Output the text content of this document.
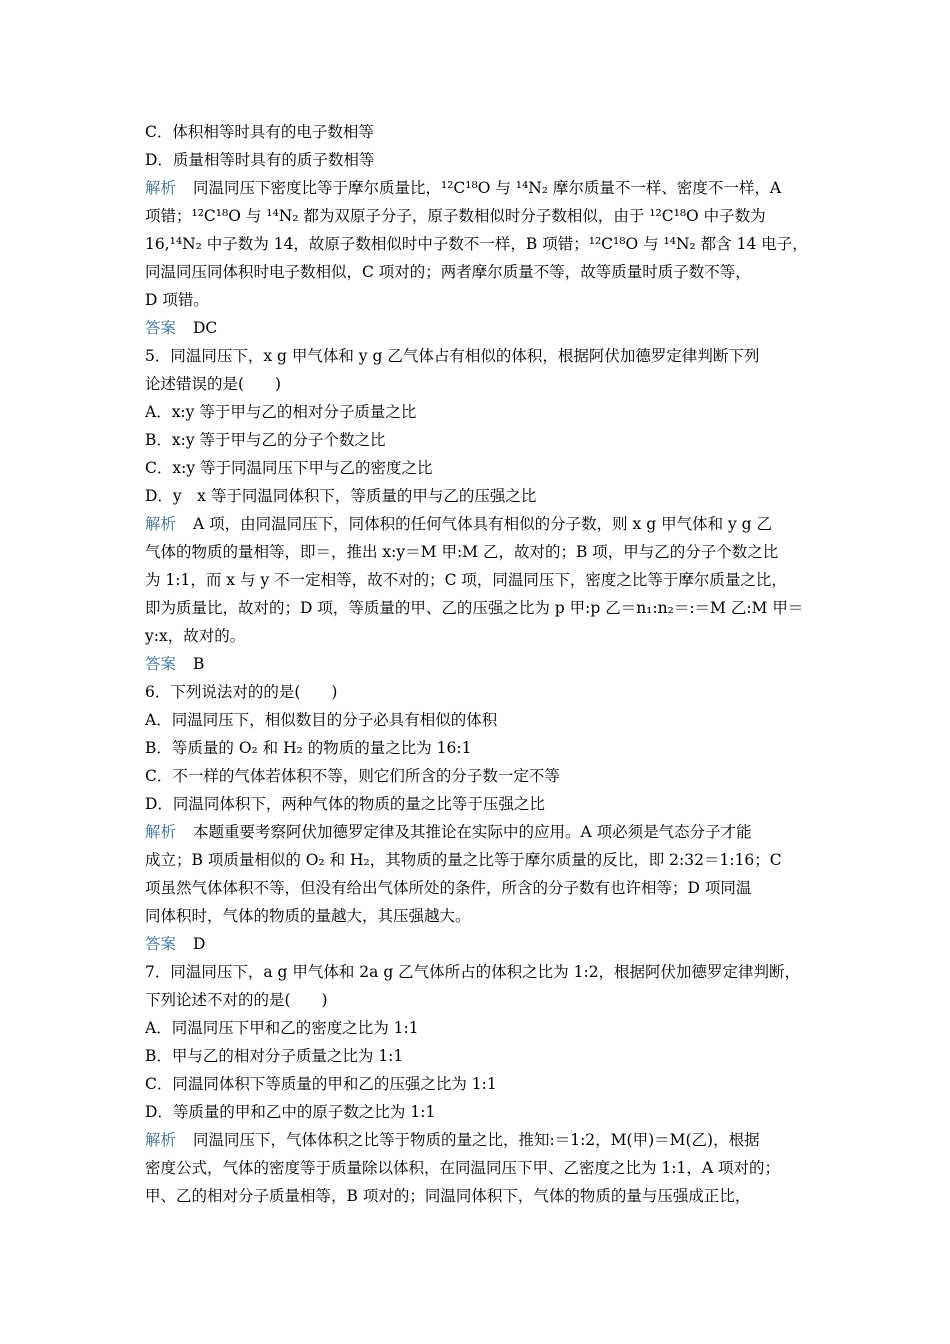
C．体积相等时具有的电子数相等
D．质量相等时具有的质子数相等
解析 同温同压下密度比等于摩尔质量比，¹²C¹⁸O 与 ¹⁴N₂ 摩尔质量不一样、密度不一样，A
项错；¹²C¹⁸O 与 ¹⁴N₂ 都为双原子分子，原子数相似时分子数相似，由于 ¹²C¹⁸O 中子数为
16,¹⁴N₂ 中子数为 14，故原子数相似时中子数不一样，B 项错；¹²C¹⁸O 与 ¹⁴N₂ 都含 14 电子，
同温同压同体积时电子数相似，C 项对的；两者摩尔质量不等，故等质量时质子数不等，
D 项错。
答案 DC
5．同温同压下，x g 甲气体和 y g 乙气体占有相似的体积，根据阿伏加德罗定律判断下列
论述错误的是(　　)
A．x:y 等于甲与乙的相对分子质量之比
B．x:y 等于甲与乙的分子个数之比
C．x:y 等于同温同压下甲与乙的密度之比
D．y　x 等于同温同体积下，等质量的甲与乙的压强之比
解析 A 项，由同温同压下，同体积的任何气体具有相似的分子数，则 x g 甲气体和 y g 乙
气体的物质的量相等，即＝，推出 x:y＝M 甲:M 乙，故对的；B 项，甲与乙的分子个数之比
为 1:1，而 x 与 y 不一定相等，故不对的；C 项，同温同压下，密度之比等于摩尔质量之比，
即为质量比，故对的；D 项，等质量的甲、乙的压强之比为 p 甲:p 乙＝n₁:n₂＝:＝M 乙:M 甲＝
y:x，故对的。
答案 B
6．下列说法对的的是(　　)
A．同温同压下，相似数目的分子必具有相似的体积
B．等质量的 O₂ 和 H₂ 的物质的量之比为 16:1
C．不一样的气体若体积不等，则它们所含的分子数一定不等
D．同温同体积下，两种气体的物质的量之比等于压强之比
解析 本题重要考察阿伏加德罗定律及其推论在实际中的应用。A 项必须是气态分子才能
成立；B 项质量相似的 O₂ 和 H₂，其物质的量之比等于摩尔质量的反比，即 2:32＝1:16；C
项虽然气体体积不等，但没有给出气体所处的条件，所含的分子数有也许相等；D 项同温
同体积时，气体的物质的量越大，其压强越大。
答案 D
7．同温同压下，a g 甲气体和 2a g 乙气体所占的体积之比为 1:2，根据阿伏加德罗定律判断，
下列论述不对的的是(　　)
A．同温同压下甲和乙的密度之比为 1:1
B．甲与乙的相对分子质量之比为 1:1
C．同温同体积下等质量的甲和乙的压强之比为 1:1
D．等质量的甲和乙中的原子数之比为 1:1
解析 同温同压下，气体体积之比等于物质的量之比，推知:＝1:2，M(甲)＝M(乙)，根据
密度公式，气体的密度等于质量除以体积，在同温同压下甲、乙密度之比为 1:1，A 项对的；
甲、乙的相对分子质量相等，B 项对的；同温同体积下，气体的物质的量与压强成正比，
